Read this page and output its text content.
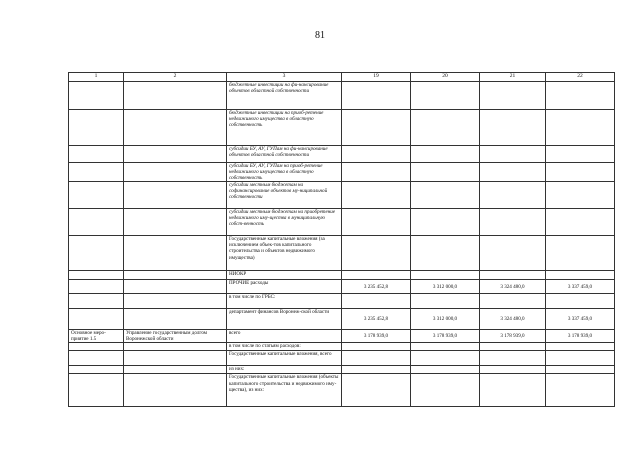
81
1	2	3	19	20	21	22
		бюджетные инвестиции на фи-нансирование объектов областной собственности				
		бюджетные инвестиции на приоб-ретение недвижимого имущества в областную собственность				
		субсидии БУ, АУ, ГУПам на фи-нансирование объектов областной собственности				
		субсидии БУ, АУ, ГУПам на приоб-ретение недвижимого имущества в областную собственность				
		субсидии местным бюджетам на софинансирование объектов му-ниципальной собственности				
		субсидии местным бюджетам на приобретение недвижимого иму-щества в муниципальную собст-венность				
		Государственные капитальные вложения (за исключением объек-тов капитального строительства и объектов недвижимого имущества)				
		НИОКР				
		ПРОЧИЕ расходы	3 235 452,8	3 312 000,0	3 324 480,0	3 337 459,0
		в том числе по ГРБС:				
		департамент финансов Воронеж-ской области	3 235 452,8	3 312 000,0	3 324 480,0	3 337 459,0
Основное меро-приятие 1.5	Управление государственным долгом Воронежской области	всего	3 178 939,0	3 178 939,0	3 178 939,0	3 178 939,0
		в том числе по статьям расходов:				
		Государственные капитальные вложения, всего				
		из них:				
		Государственные капитальные вложения (объекты капитального строительства и недвижимого иму-щества), из них:				
